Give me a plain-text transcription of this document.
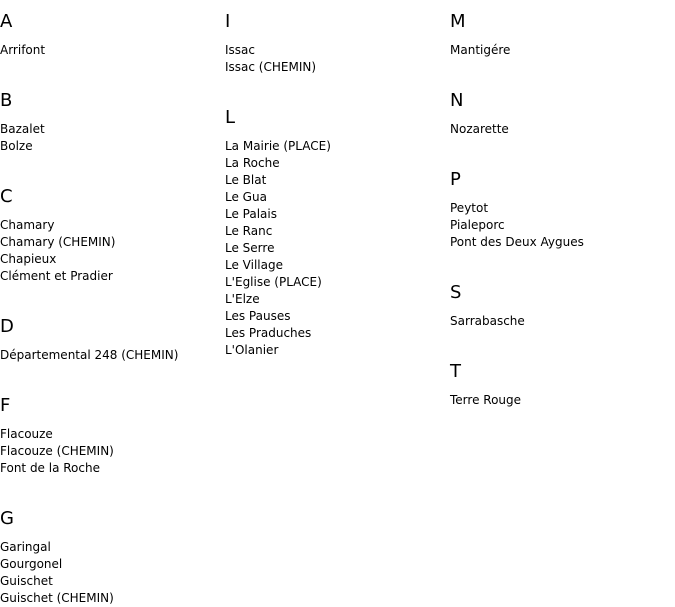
A
Arrifont
B
Bazalet
Bolze
C
Chamary
Chamary (CHEMIN)
Chapieux
Clément et Pradier
D
Départemental 248 (CHEMIN)
F
Flacouze
Flacouze (CHEMIN)
Font de la Roche
G
Garingal
Gourgonel
Guischet
Guischet (CHEMIN)
I
Issac
Issac (CHEMIN)
L
La Mairie (PLACE)
La Roche
Le Blat
Le Gua
Le Palais
Le Ranc
Le Serre
Le Village
L'Eglise (PLACE)
L'Elze
Les Pauses
Les Praduches
L'Olanier
M
Mantigére
N
Nozarette
P
Peytot
Pialeporc
Pont des Deux Aygues
S
Sarrabasche
T
Terre Rouge
